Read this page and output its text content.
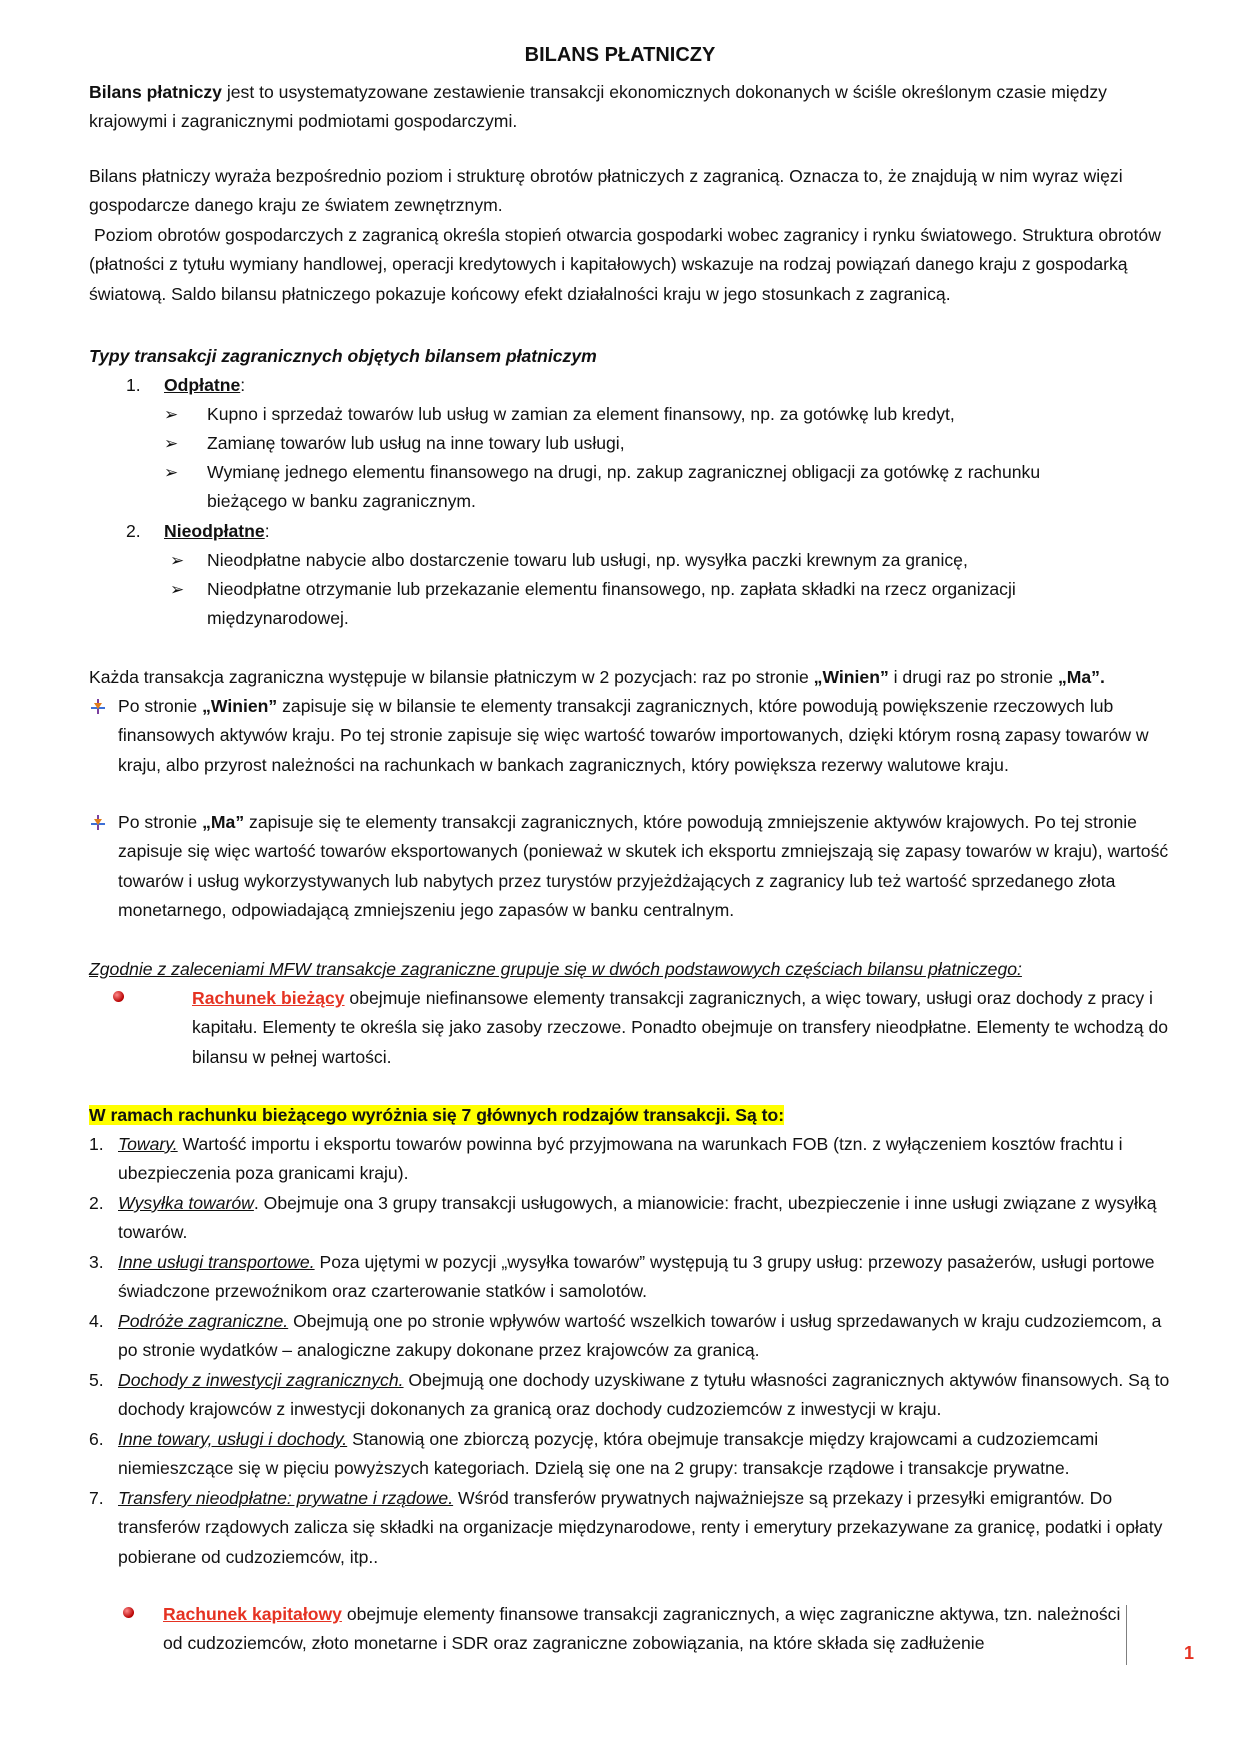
BILANS PŁATNICZY

Bilans płatniczy jest to usystematyzowane zestawienie transakcji ekonomicznych dokonanych w ściśle określonym czasie między krajowymi i zagranicznymi podmiotami gospodarczymi.

Bilans płatniczy wyraża bezpośrednio poziom i strukturę obrotów płatniczych z zagranicą. Oznacza to, że znajdują w nim wyraz więzi gospodarcze danego kraju ze światem zewnętrznym.

Poziom obrotów gospodarczych z zagranicą określa stopień otwarcia gospodarki wobec zagranicy i rynku światowego. Struktura obrotów (płatności z tytułu wymiany handlowej, operacji kredytowych i kapitałowych) wskazuje na rodzaj powiązań danego kraju z gospodarką światową. Saldo bilansu płatniczego pokazuje końcowy efekt działalności kraju w jego stosunkach z zagranicą.

Typy transakcji zagranicznych objętych bilansem płatniczym

1. Odpłatne:
➢ Kupno i sprzedaż towarów lub usług w zamian za element finansowy, np. za gotówkę lub kredyt,
➢ Zamianę towarów lub usług na inne towary lub usługi,
➢ Wymianę jednego elementu finansowego na drugi, np. zakup zagranicznej obligacji za gotówkę z rachunku bieżącego w banku zagranicznym.
2. Nieodpłatne:
➢ Nieodpłatne nabycie albo dostarczenie towaru lub usługi, np. wysyłka paczki krewnym za granicę,
➢ Nieodpłatne otrzymanie lub przekazanie elementu finansowego, np. zapłata składki na rzecz organizacji międzynarodowej.

Każda transakcja zagraniczna występuje w bilansie płatniczym w 2 pozycjach: raz po stronie „Winien” i drugi raz po stronie „Ma”.

Po stronie „Winien” zapisuje się w bilansie te elementy transakcji zagranicznych, które powodują powiększenie rzeczowych lub finansowych aktywów kraju. Po tej stronie zapisuje się więc wartość towarów importowanych, dzięki którym rosną zapasy towarów w kraju, albo przyrost należności na rachunkach w bankach zagranicznych, który powiększa rezerwy walutowe kraju.
Po stronie „Ma” zapisuje się te elementy transakcji zagranicznych, które powodują zmniejszenie aktywów krajowych. Po tej stronie zapisuje się więc wartość towarów eksportowanych (ponieważ w skutek ich eksportu zmniejszają się zapasy towarów w kraju), wartość towarów i usług wykorzystywanych lub nabytych przez turystów przyjeżdżających z zagranicy lub też wartość sprzedanego złota monetarnego, odpowiadającą zmniejszeniu jego zapasów w banku centralnym.

Zgodnie z zaleceniami MFW transakcje zagraniczne grupuje się w dwóch podstawowych częściach bilansu płatniczego:

Rachunek bieżący obejmuje niefinansowe elementy transakcji zagranicznych, a więc towary, usługi oraz dochody z pracy i kapitału. Elementy te określa się jako zasoby rzeczowe. Ponadto obejmuje on transfery nieodpłatne. Elementy te wchodzą do bilansu w pełnej wartości.

W ramach rachunku bieżącego wyróżnia się 7 głównych rodzajów transakcji. Są to:

1. Towary. Wartość importu i eksportu towarów powinna być przyjmowana na warunkach FOB (tzn. z wyłączeniem kosztów frachtu i ubezpieczenia poza granicami kraju).
2. Wysyłka towarów. Obejmuje ona 3 grupy transakcji usługowych, a mianowicie: fracht, ubezpieczenie i inne usługi związane z wysyłką towarów.
3. Inne usługi transportowe. Poza ujętymi w pozycji „wysyłka towarów” występują tu 3 grupy usług: przewozy pasażerów, usługi portowe świadczone przewoźnikom oraz czarterowanie statków i samolotów.
4. Podróże zagraniczne. Obejmują one po stronie wpływów wartość wszelkich towarów i usług sprzedawanych w kraju cudzoziemcom, a po stronie wydatków – analogiczne zakupy dokonane przez krajowców za granicą.
5. Dochody z inwestycji zagranicznych. Obejmują one dochody uzyskiwane z tytułu własności zagranicznych aktywów finansowych. Są to dochody krajowców z inwestycji dokonanych za granicą oraz dochody cudzoziemców z inwestycji w kraju.
6. Inne towary, usługi i dochody. Stanowią one zbiorczą pozycję, która obejmuje transakcje między krajowcami a cudzoziemcami niemieszczące się w pięciu powyższych kategoriach. Dzielą się one na 2 grupy: transakcje rządowe i transakcje prywatne.
7. Transfery nieodpłatne: prywatne i rządowe. Wśród transferów prywatnych najważniejsze są przekazy i przesyłki emigrantów. Do transferów rządowych zalicza się składki na organizacje międzynarodowe, renty i emerytury przekazywane za granicę, podatki i opłaty pobierane od cudzoziemców, itp..
Rachunek kapitałowy obejmuje elementy finansowe transakcji zagranicznych, a więc zagraniczne aktywa, tzn. należności od cudzoziemców, złoto monetarne i SDR oraz zagraniczne zobowiązania, na które składa się zadłużenie	1
